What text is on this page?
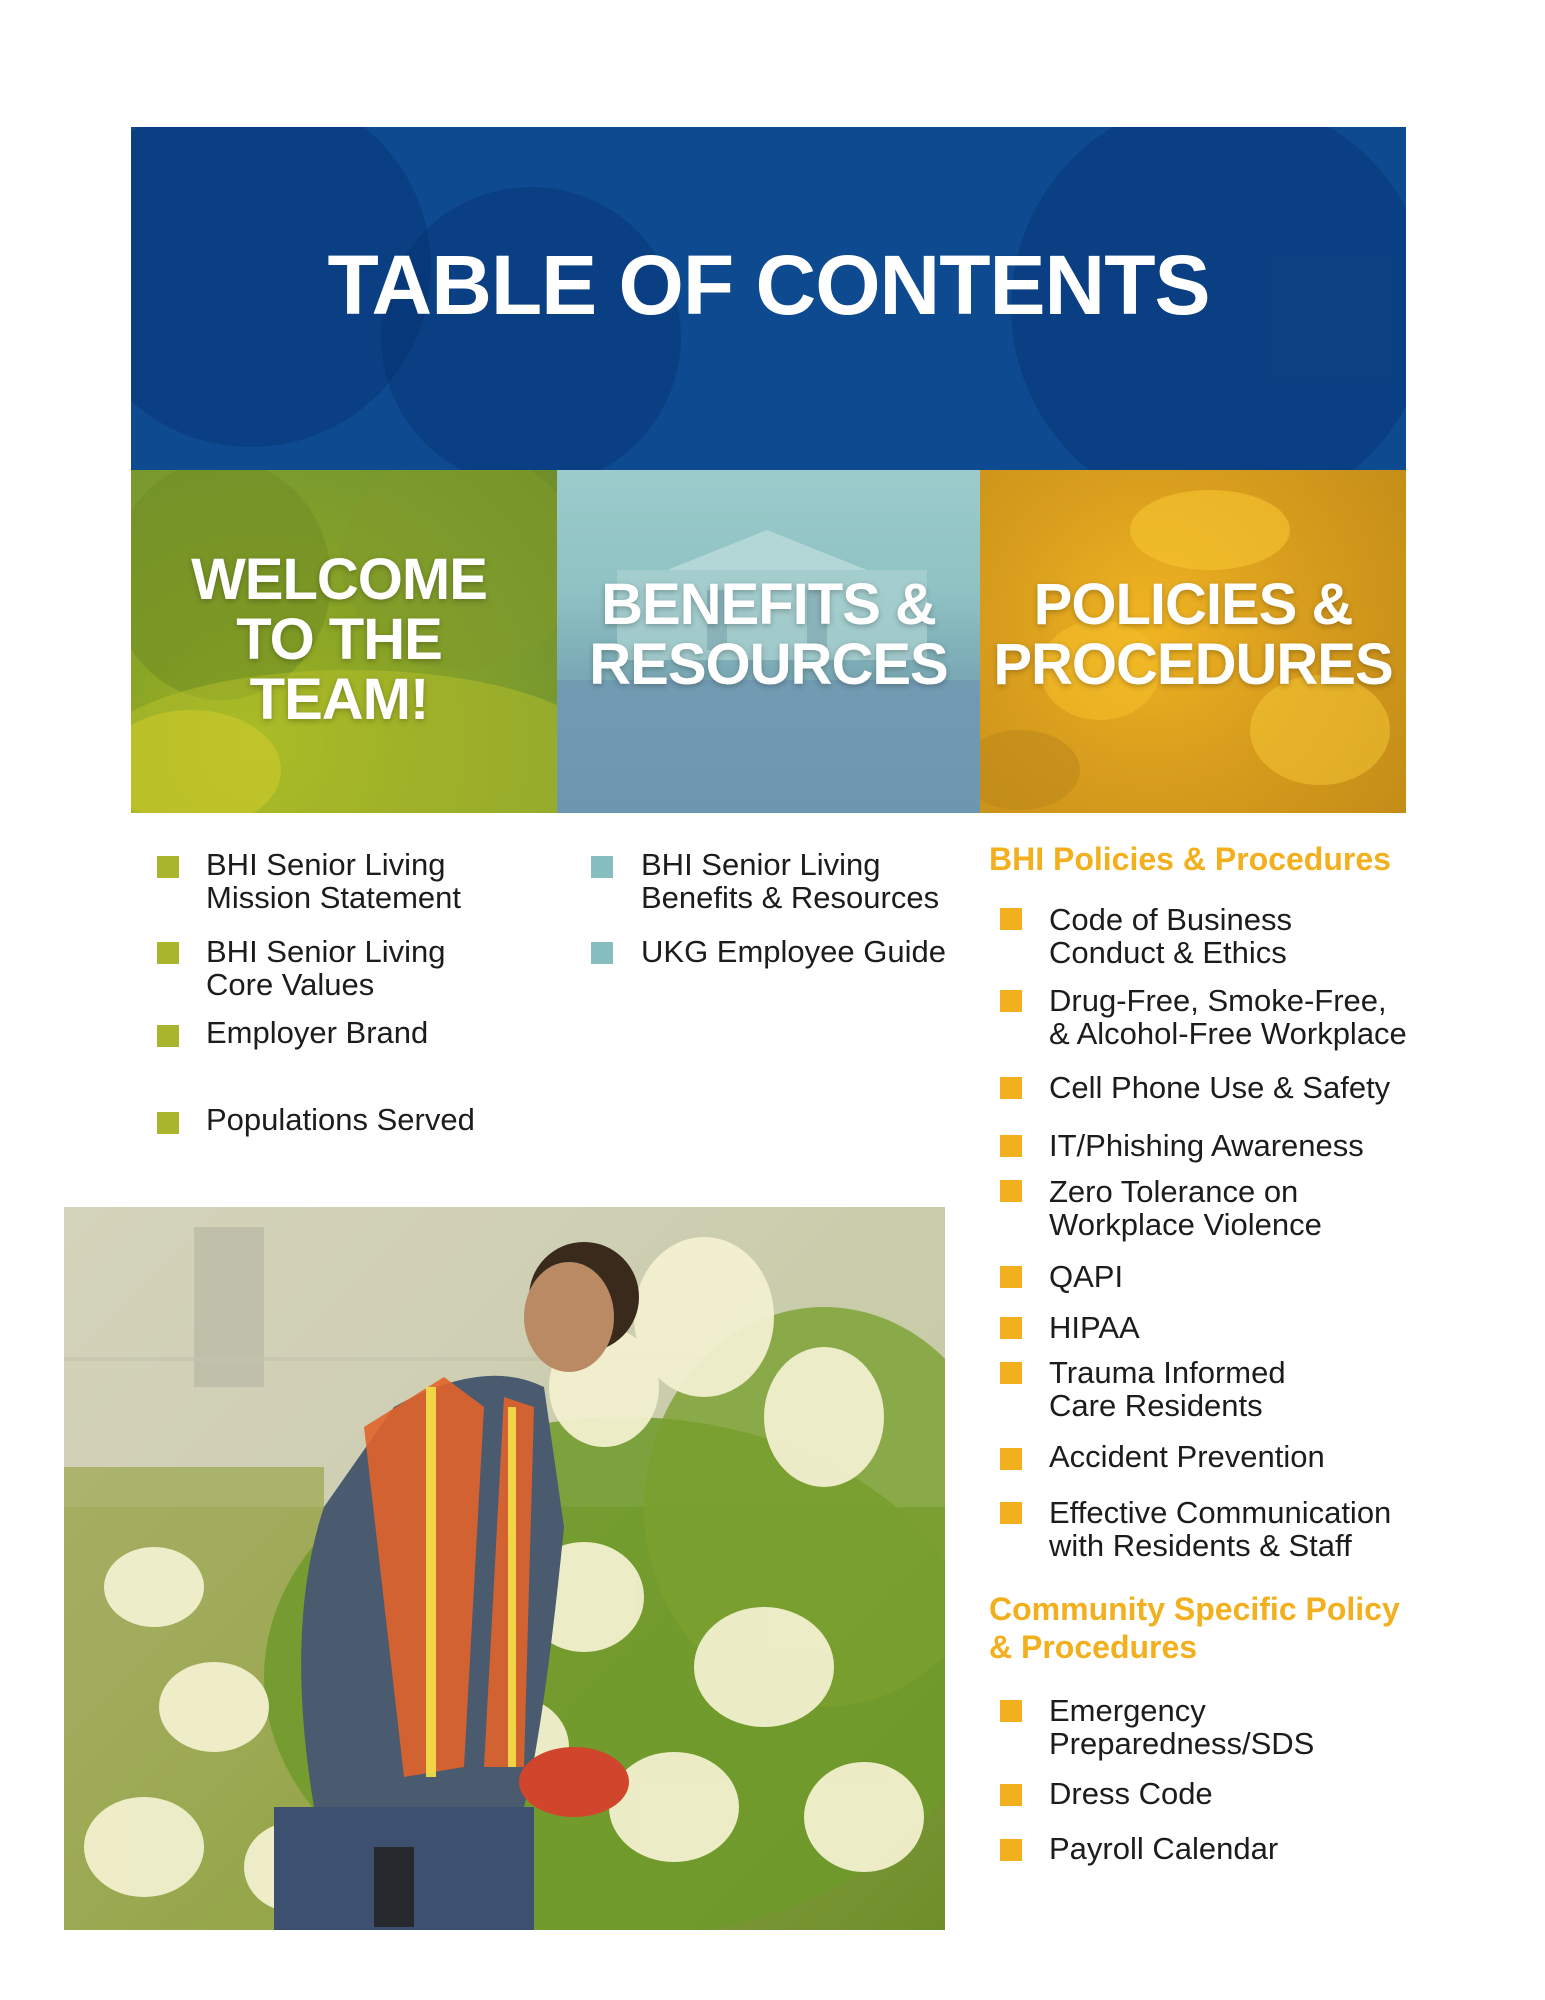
TABLE OF CONTENTS
WELCOME
TO THE
TEAM!
BENEFITS &
RESOURCES
POLICIES &
PROCEDURES
BHI Senior Living
Mission Statement
BHI Senior Living
Core Values
Employer Brand
Populations Served
BHI Senior Living
Benefits & Resources
UKG Employee Guide
BHI Policies & Procedures
Code of Business
Conduct & Ethics
Drug-Free, Smoke-Free,
& Alcohol-Free Workplace
Cell Phone Use & Safety
IT/Phishing Awareness
Zero Tolerance on
Workplace Violence
QAPI
HIPAA
Trauma Informed
Care Residents
Accident Prevention
Effective Communication
with Residents & Staff
Community Specific Policy
& Procedures
Emergency
Preparedness/SDS
Dress Code
Payroll Calendar
